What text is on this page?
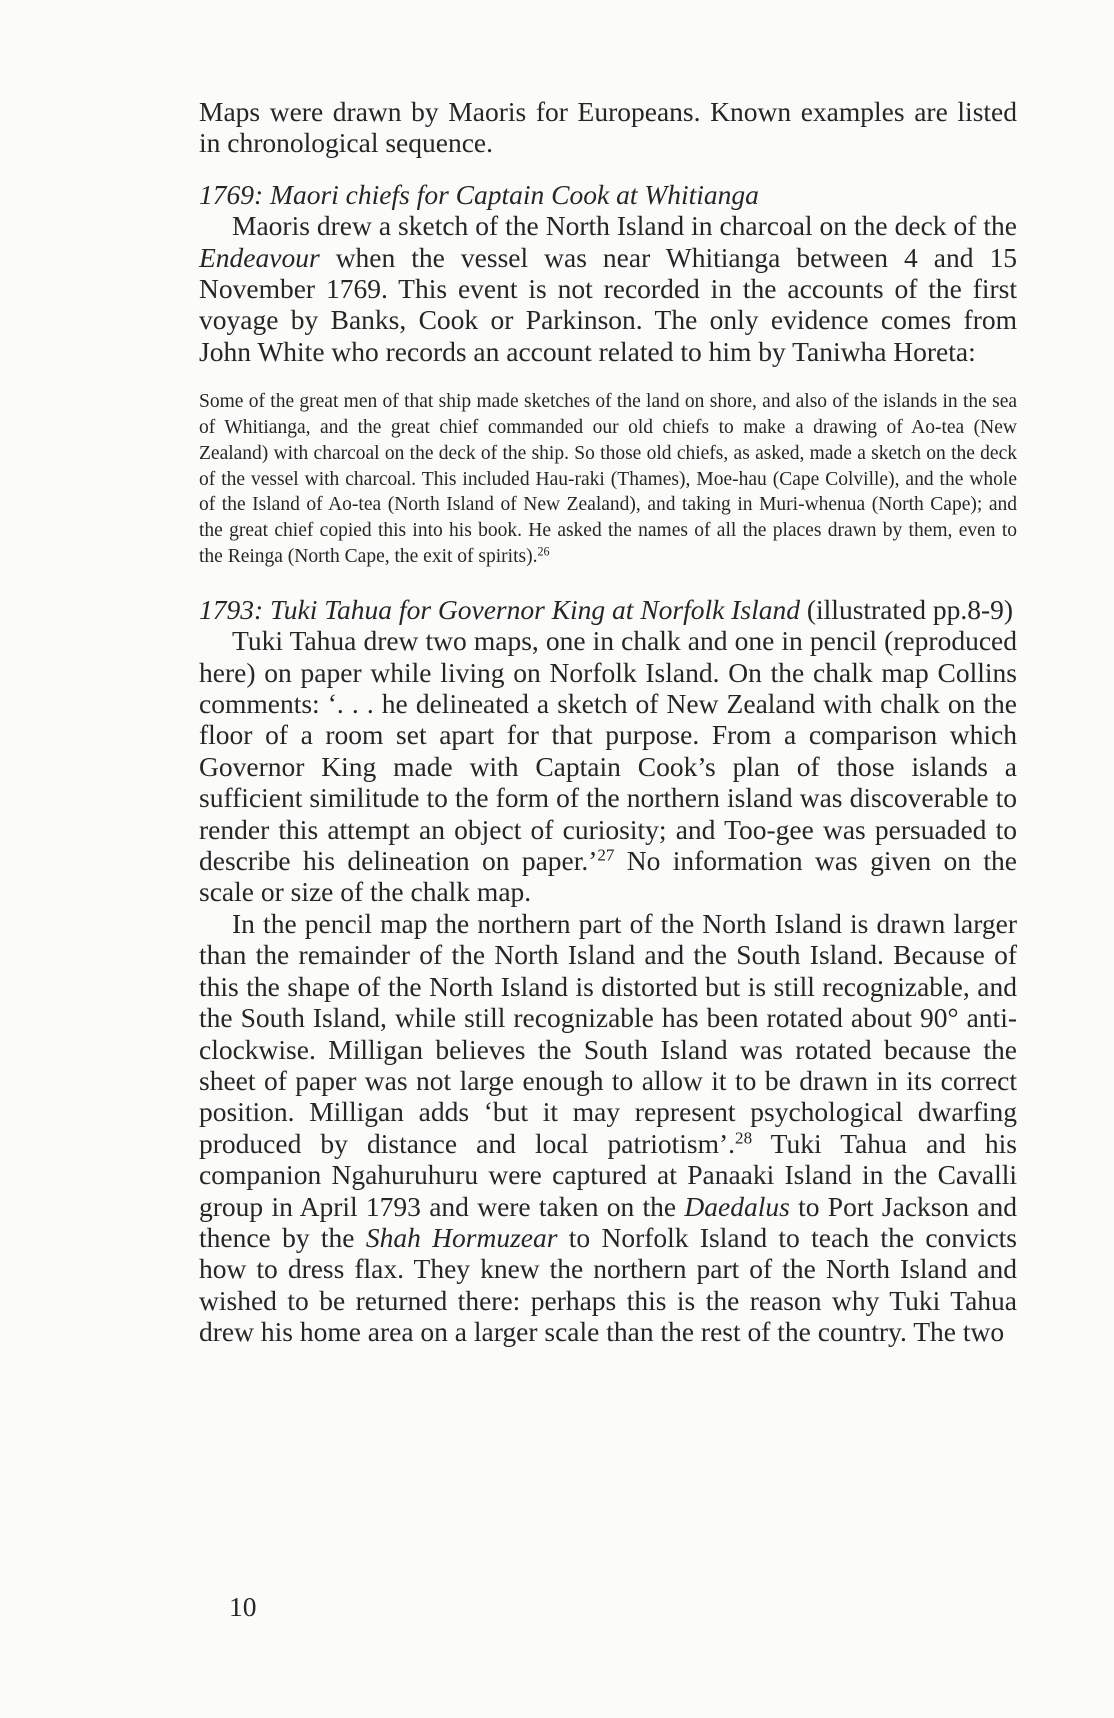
Maps were drawn by Maoris for Europeans. Known examples are listed in chronological sequence.

1769: Maori chiefs for Captain Cook at Whitianga

Maoris drew a sketch of the North Island in charcoal on the deck of the Endeavour when the vessel was near Whitianga between 4 and 15 November 1769. This event is not recorded in the accounts of the first voyage by Banks, Cook or Parkinson. The only evidence comes from John White who records an account related to him by Taniwha Horeta:

Some of the great men of that ship made sketches of the land on shore, and also of the islands in the sea of Whitianga, and the great chief commanded our old chiefs to make a drawing of Ao-tea (New Zealand) with charcoal on the deck of the ship. So those old chiefs, as asked, made a sketch on the deck of the vessel with charcoal. This included Hau-raki (Thames), Moe-hau (Cape Colville), and the whole of the Island of Ao-tea (North Island of New Zealand), and taking in Muri-whenua (North Cape); and the great chief copied this into his book. He asked the names of all the places drawn by them, even to the Reinga (North Cape, the exit of spirits).$^{26}$

1793: Tuki Tahua for Governor King at Norfolk Island (illustrated pp.8-9)

Tuki Tahua drew two maps, one in chalk and one in pencil (reproduced here) on paper while living on Norfolk Island. On the chalk map Collins comments: ‘. . . he delineated a sketch of New Zealand with chalk on the floor of a room set apart for that purpose. From a comparison which Governor King made with Captain Cook’s plan of those islands a sufficient similitude to the form of the northern island was discoverable to render this attempt an object of curiosity; and Too-gee was persuaded to describe his delineation on paper.’$^{27}$ No information was given on the scale or size of the chalk map.

In the pencil map the northern part of the North Island is drawn larger than the remainder of the North Island and the South Island. Because of this the shape of the North Island is distorted but is still recognizable, and the South Island, while still recognizable has been rotated about 90° anti-clockwise. Milligan believes the South Island was rotated because the sheet of paper was not large enough to allow it to be drawn in its correct position. Milligan adds ‘but it may represent psychological dwarfing produced by distance and local patriotism’.$^{28}$ Tuki Tahua and his companion Ngahuruhuru were captured at Panaaki Island in the Cavalli group in April 1793 and were taken on the Daedalus to Port Jackson and thence by the Shah Hormuzear to Norfolk Island to teach the convicts how to dress flax. They knew the northern part of the North Island and wished to be returned there: perhaps this is the reason why Tuki Tahua drew his home area on a larger scale than the rest of the country. The two

10
